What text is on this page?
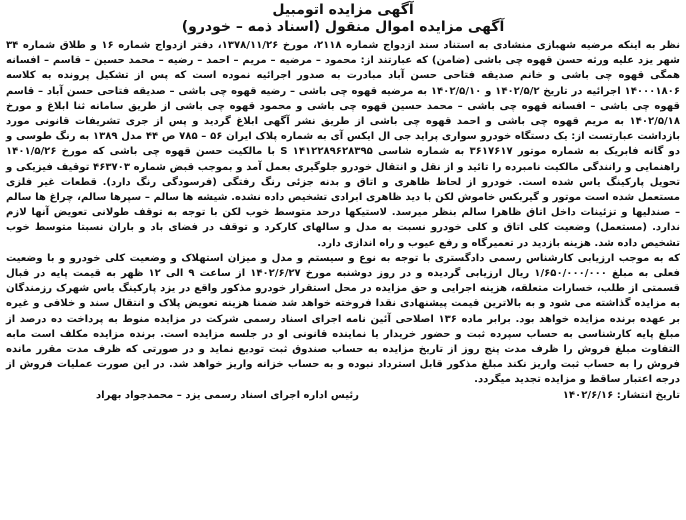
آگهی مزایده اتومبیل
آگهی مزایده اموال منقول (اسناد ذمه – خودرو)

نظر به اینکه مرضیه شهبازی منشادی به استناد سند ازدواج شماره ۲۱۱۸، مورخ ۱۳۷۸/۱۱/۲۶، دفتر ازدواج شماره ۱۶ و طلاق شماره ۳۴ شهر یزد علیه ورثه حسن قهوه چی باشی (ضامن) که عبارتند از: محمود – مرضیه – مریم – احمد – رضیه – محمد حسین – قاسم – افسانه همگی قهوه چی باشی و خانم صدیقه فتاحی حسن آباد مبادرت به صدور اجرائیه نموده است که پس از تشکیل پرونده به کلاسه ۱۴۰۰۰۱۸۰۶ اجرائیه در تاریخ ۱۴۰۲/۵/۲ و ۱۴۰۲/۵/۱۰ به مرضیه قهوه چی باشی – رضیه قهوه چی باشی – صدیقه فتاحی حسن آباد – قاسم قهوه چی باشی – افسانه قهوه چی باشی – محمد حسین قهوه چی باشی و محمود قهوه چی باشی از طریق سامانه ثنا ابلاغ و مورخ ۱۴۰۲/۵/۱۸ به مریم قهوه چی باشی و احمد قهوه چی باشی از طریق نشر آگهی ابلاغ گردید و پس از جری تشریفات قانونی مورد بازداشت عبارتست از: یک دستگاه خودرو سواری پراید جی ال ایکس آی به شماره پلاک ایران ۵۶ – ۷۸۵ ص ۴۴ مدل ۱۳۸۹ به رنگ طوسی و دو گانه فابریک به شماره موتور ۳۶۱۷۶۱۷ به شماره شاسی S ۱۴۱۲۲۸۹۶۲۸۳۹۵ با مالکیت حسن قهوه چی باشی که مورخ ۱۴۰۱/۵/۲۶ راهنمایی و رانندگی مالکیت نامبرده را تائید و از نقل و انتقال خودرو جلوگیری بعمل آمد و بموجب قبض شماره ۴۶۳۷۰۳ توقیف فیزیکی و تحویل پارکینگ یاس شده است. خودرو از لحاظ ظاهری و اتاق و بدنه جزئی رنگ رفتگی (فرسودگی رنگ دارد). قطعات غیر فلزی مستعمل شده است موتور و گیربکس خاموش لکن با دید ظاهری ابرادی تشخیص داده نشده. شیشه ها سالم – سپرها سالم، چراغ ها سالم – صندلیها و تزئینات داخل اتاق ظاهرا سالم بنظر میرسد. لاستیکها درحد متوسط خوب لکن با توجه به توقف طولانی تعویض آنها لازم ندارد. (مستعمل) وضعیت کلی اتاق و کلی خودرو نسبت به مدل و سالهای کارکرد و توقف در فضای باد و باران نسبتا متوسط خوب تشخیص داده شد. هزینه بازدید در تعمیرگاه و رفع عیوب و راه اندازی دارد.

که به موجب ارزیابی کارشناس رسمی دادگستری با توجه به نوع و سیستم و مدل و میزان استهلاک و وضعیت کلی خودرو و با وضعیت فعلی به مبلغ ۱/۶۵۰/۰۰۰/۰۰۰ ریال ارزیابی گردیده و در روز دوشنبه مورخ ۱۴۰۲/۶/۲۷ از ساعت ۹ الی ۱۲ ظهر به قیمت پایه در قبال قسمتی از طلب، خسارات متعلقه، هزینه اجرایی و حق مزایده در محل استقرار خودرو مذکور واقع در یزد پارکینگ یاس شهرک رزمندگان به مزایده گذاشته می شود و به بالاترین قیمت پیشنهادی نقدا فروخته خواهد شد ضمنا هزینه تعویض پلاک و انتقال سند و خلافی و غیره بر عهده برنده مزایده خواهد بود. برابر ماده ۱۳۶ اصلاحی آئین نامه اجرای اسناد رسمی شرکت در مزایده منوط به پرداخت ده درصد از مبلغ پایه کارشناسی به حساب سپرده ثبت و حضور خریدار یا نماینده قانونی او در جلسه مزایده است. برنده مزایده مکلف است مابه التفاوت مبلغ فروش را ظرف مدت پنج روز از تاریخ مزایده به حساب صندوق ثبت تودیع نماید و در صورتی که ظرف مدت مقرر مانده فروش را به حساب ثبت واریز نکند مبلغ مذکور قابل استرداد نبوده و به حساب خزانه واریز خواهد شد. در این صورت عملیات فروش از درجه اعتبار ساقط و مزایده تجدید میگردد.

تاریخ انتشار: ۱۴۰۲/۶/۱۶
رئیس اداره اجرای اسناد رسمی یزد – محمدجواد بهراد
